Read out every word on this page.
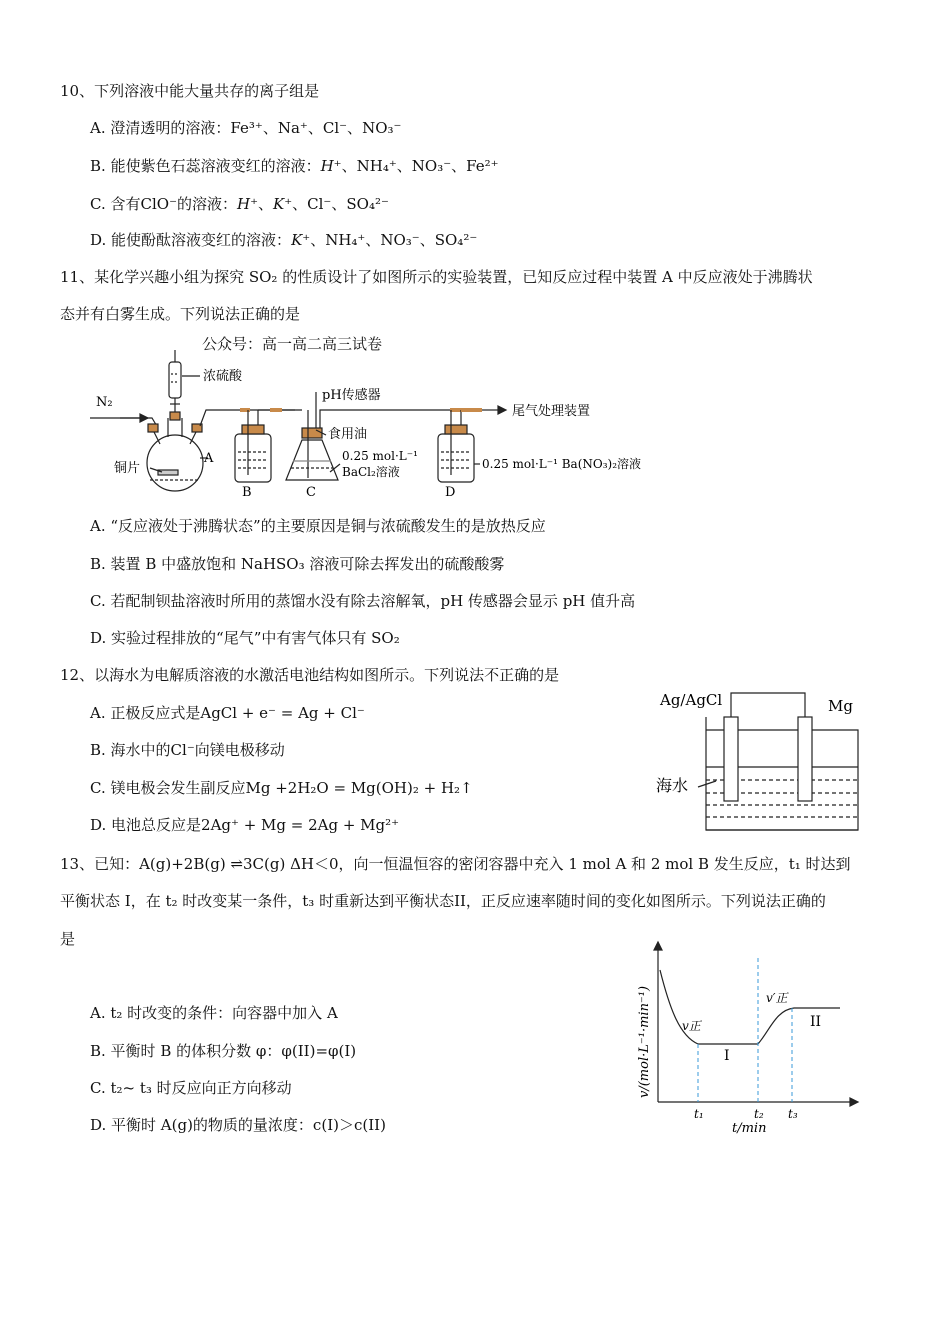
10、下列溶液中能大量共存的离子组是
A. 澄清透明的溶液：Fe³⁺、Na⁺、Cl⁻、NO₃⁻
B. 能使紫色石蕊溶液变红的溶液：H⁺、NH₄⁺、NO₃⁻、Fe²⁺
C. 含有ClO⁻的溶液：H⁺、K⁺、Cl⁻、SO₄²⁻
D. 能使酚酞溶液变红的溶液：K⁺、NH₄⁺、NO₃⁻、SO₄²⁻
11、某化学兴趣小组为探究 SO₂ 的性质设计了如图所示的实验装置，已知反应过程中装置 A 中反应液处于沸腾状
态并有白雾生成。下列说法正确的是
公众号：高一高二高三试卷
N₂
浓硫酸
铜片
A
B	C	D
pH传感器
食用油
0.25 mol·L⁻¹
BaCl₂溶液
0.25 mol·L⁻¹ Ba(NO₃)₂溶液
尾气处理装置
A. “反应液处于沸腾状态”的主要原因是铜与浓硫酸发生的是放热反应
B. 装置 B 中盛放饱和 NaHSO₃ 溶液可除去挥发出的硫酸酸雾
C. 若配制钡盐溶液时所用的蒸馏水没有除去溶解氧，pH 传感器会显示 pH 值升高
D. 实验过程排放的“尾气”中有害气体只有 SO₂
12、以海水为电解质溶液的水激活电池结构如图所示。下列说法不正确的是
A. 正极反应式是AgCl + e⁻ = Ag + Cl⁻
B. 海水中的Cl⁻向镁电极移动
C. 镁电极会发生副反应Mg +2H₂O = Mg(OH)₂ + H₂↑
D. 电池总反应是2Ag⁺ + Mg = 2Ag + Mg²⁺
Ag/AgCl	Mg
海水
13、已知：A(g)+2B(g) ⇌3C(g) ΔH＜0，向一恒温恒容的密闭容器中充入 1 mol A 和 2 mol B 发生反应，t₁ 时达到
平衡状态 I，在 t₂ 时改变某一条件，t₃ 时重新达到平衡状态II，正反应速率随时间的变化如图所示。下列说法正确的
是
A. t₂ 时改变的条件：向容器中加入 A
B. 平衡时 B 的体积分数 φ：φ(II)=φ(I)
C. t₂~ t₃ 时反应向正方向移动
D. 平衡时 A(g)的物质的量浓度：c(I)＞c(II)
v/(mol·L⁻¹·min⁻¹)
t/min
t₁	t₂ t₃
v正
v′正
I
II
